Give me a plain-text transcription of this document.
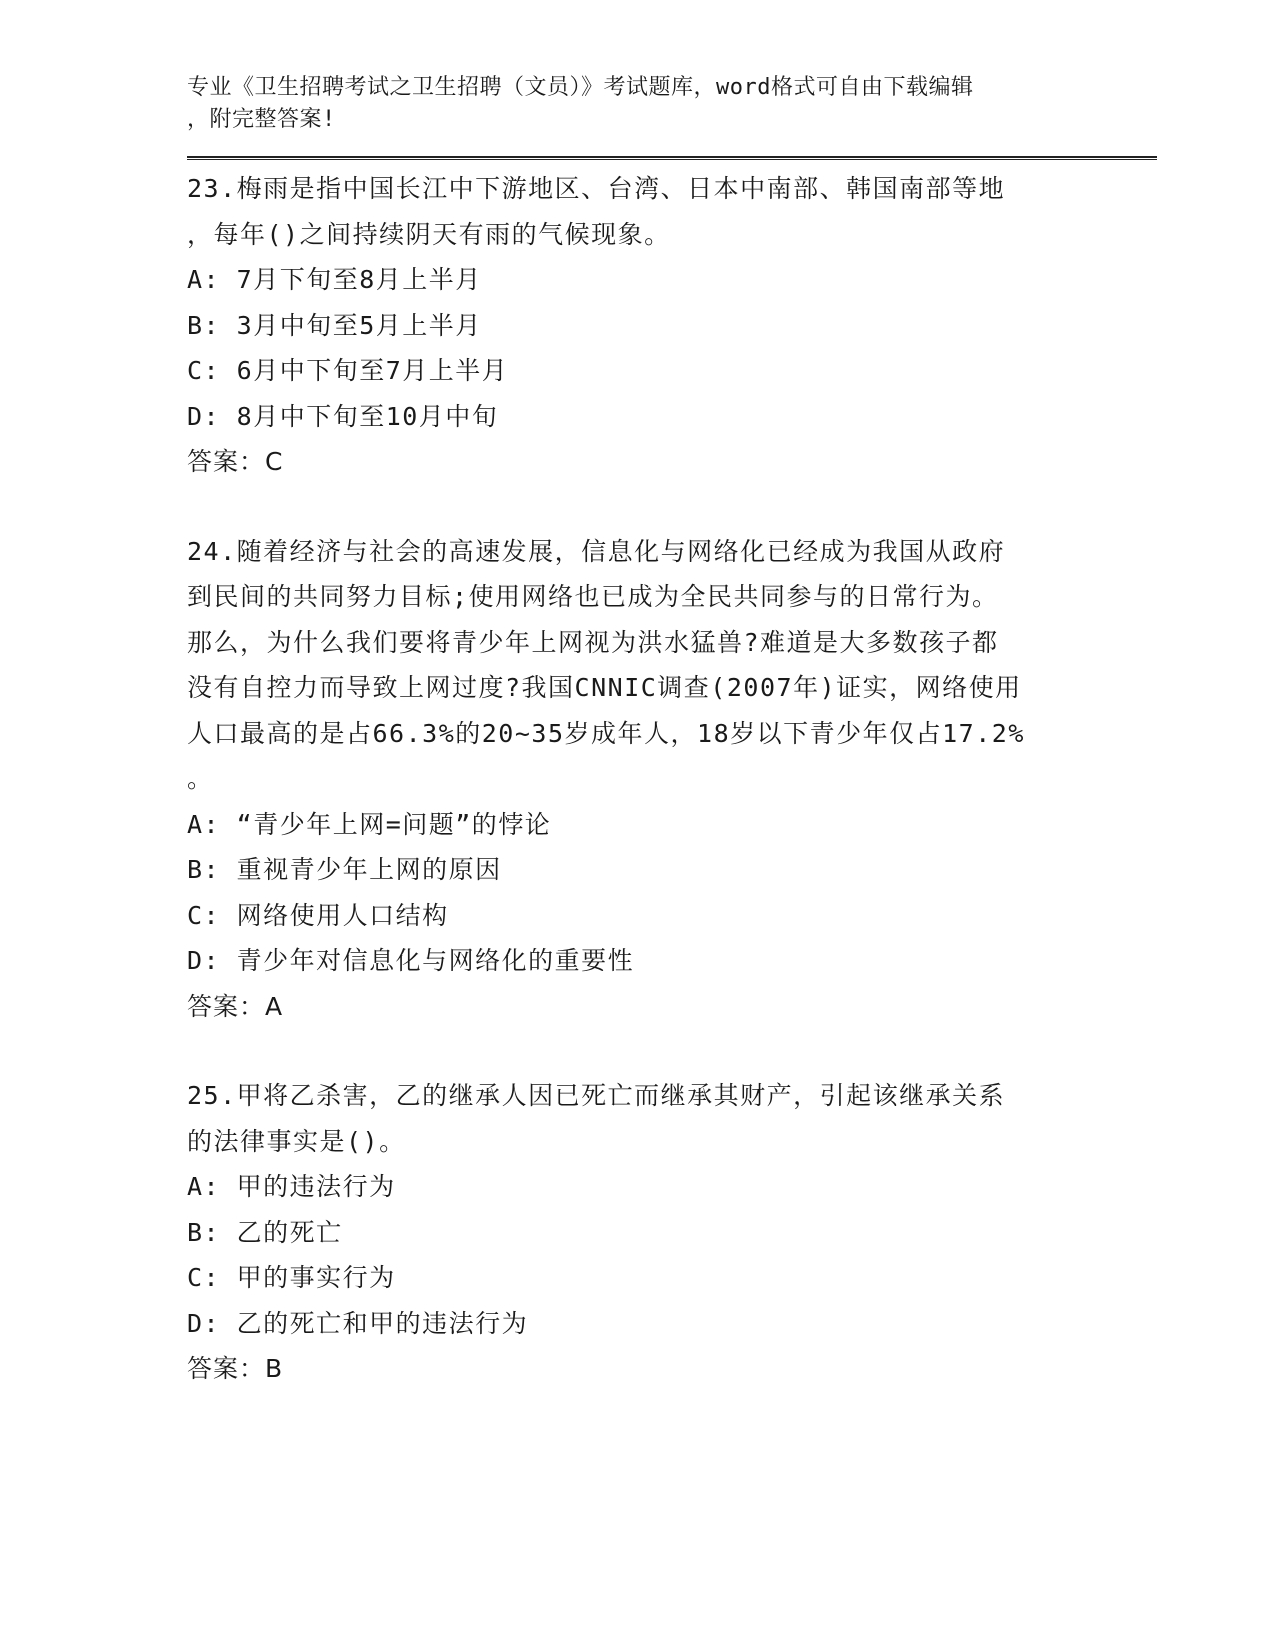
专业《卫生招聘考试之卫生招聘（文员）》考试题库，word格式可自由下载编辑
，附完整答案!
23.梅雨是指中国长江中下游地区、台湾、日本中南部、韩国南部等地
，每年()之间持续阴天有雨的气候现象。
A: 7月下旬至8月上半月
B: 3月中旬至5月上半月
C: 6月中下旬至7月上半月
D: 8月中下旬至10月中旬
答案：C
24.随着经济与社会的高速发展，信息化与网络化已经成为我国从政府
到民间的共同努力目标;使用网络也已成为全民共同参与的日常行为。
那么，为什么我们要将青少年上网视为洪水猛兽?难道是大多数孩子都
没有自控力而导致上网过度?我国CNNIC调查(2007年)证实，网络使用
人口最高的是占66.3%的20~35岁成年人，18岁以下青少年仅占17.2%
。
A: “青少年上网=问题”的悖论
B: 重视青少年上网的原因
C: 网络使用人口结构
D: 青少年对信息化与网络化的重要性
答案：A
25.甲将乙杀害，乙的继承人因已死亡而继承其财产，引起该继承关系
的法律事实是()。
A: 甲的违法行为
B: 乙的死亡
C: 甲的事实行为
D: 乙的死亡和甲的违法行为
答案：B
